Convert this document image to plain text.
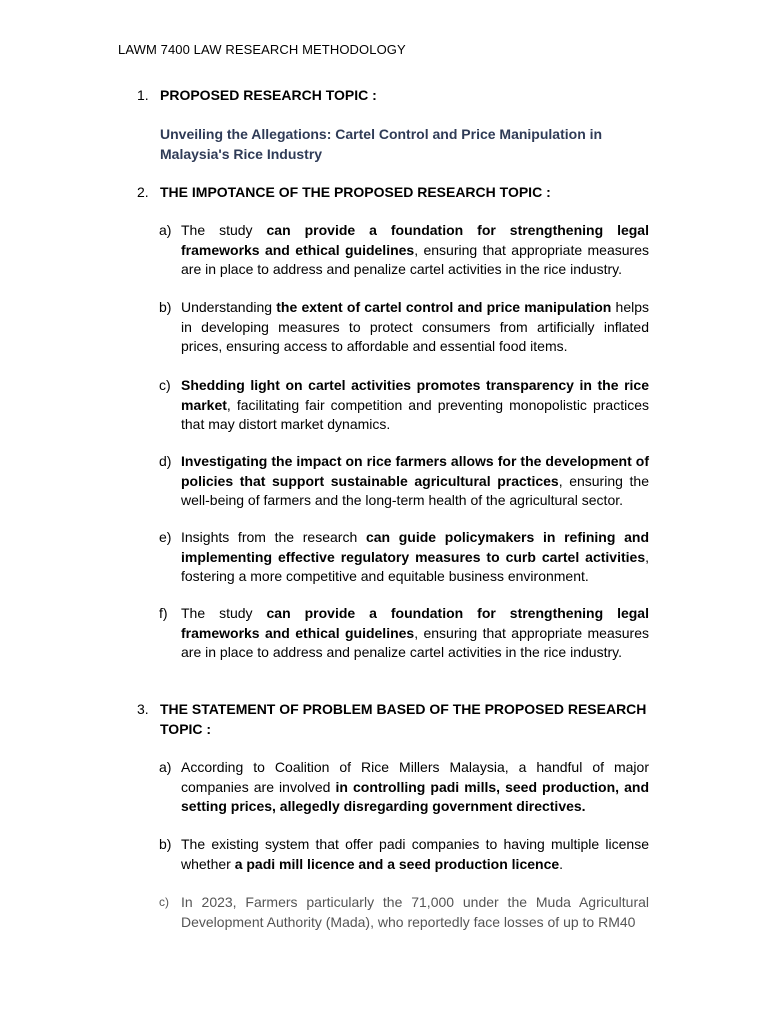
LAWM 7400 LAW RESEARCH METHODOLOGY
1. PROPOSED RESEARCH TOPIC :
Unveiling the Allegations: Cartel Control and Price Manipulation in Malaysia's Rice Industry
2. THE IMPOTANCE OF THE PROPOSED RESEARCH TOPIC :
a) The study can provide a foundation for strengthening legal frameworks and ethical guidelines, ensuring that appropriate measures are in place to address and penalize cartel activities in the rice industry.
b) Understanding the extent of cartel control and price manipulation helps in developing measures to protect consumers from artificially inflated prices, ensuring access to affordable and essential food items.
c) Shedding light on cartel activities promotes transparency in the rice market, facilitating fair competition and preventing monopolistic practices that may distort market dynamics.
d) Investigating the impact on rice farmers allows for the development of policies that support sustainable agricultural practices, ensuring the well-being of farmers and the long-term health of the agricultural sector.
e) Insights from the research can guide policymakers in refining and implementing effective regulatory measures to curb cartel activities, fostering a more competitive and equitable business environment.
f) The study can provide a foundation for strengthening legal frameworks and ethical guidelines, ensuring that appropriate measures are in place to address and penalize cartel activities in the rice industry.
3. THE STATEMENT OF PROBLEM BASED OF THE PROPOSED RESEARCH TOPIC :
a) According to Coalition of Rice Millers Malaysia, a handful of major companies are involved in controlling padi mills, seed production, and setting prices, allegedly disregarding government directives.
b) The existing system that offer padi companies to having multiple license whether a padi mill licence and a seed production licence.
c) In 2023, Farmers particularly the 71,000 under the Muda Agricultural Development Authority (Mada), who reportedly face losses of up to RM40
